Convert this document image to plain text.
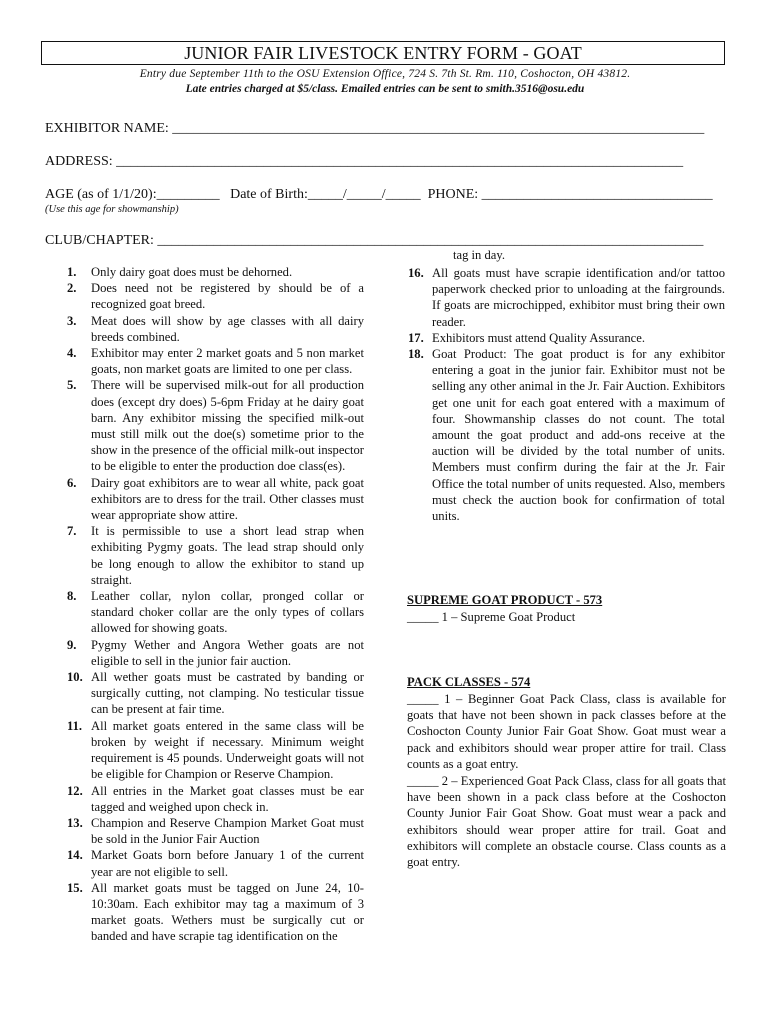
JUNIOR FAIR LIVESTOCK ENTRY FORM - GOAT
Entry due September 11th to the OSU Extension Office, 724 S. 7th St. Rm. 110, Coshocton, OH 43812.
Late entries charged at $5/class. Emailed entries can be sent to smith.3516@osu.edu
EXHIBITOR NAME: ____________________________________________________________________________
ADDRESS: _________________________________________________________________________________
AGE (as of 1/1/20):_________   Date of Birth:_____/_____/_____  PHONE: _________________________________
(Use this age for showmanship)
CLUB/CHAPTER: ______________________________________________________________________________
1. Only dairy goat does must be dehorned.
2. Does need not be registered by should be of a recognized goat breed.
3. Meat does will show by age classes with all dairy breeds combined.
4. Exhibitor may enter 2 market goats and 5 non market goats, non market goats are limited to one per class.
5. There will be supervised milk-out for all production does (except dry does) 5-6pm Friday at he dairy goat barn. Any exhibitor missing the specified milk-out must still milk out the doe(s) sometime prior to the show in the presence of the official milk-out inspector to be eligible to enter the production doe class(es).
6. Dairy goat exhibitors are to wear all white, pack goat exhibitors are to dress for the trail. Other classes must wear appropriate show attire.
7. It is permissible to use a short lead strap when exhibiting Pygmy goats. The lead strap should only be long enough to allow the exhibitor to stand up straight.
8. Leather collar, nylon collar, pronged collar or standard choker collar are the only types of collars allowed for showing goats.
9. Pygmy Wether and Angora Wether goats are not eligible to sell in the junior fair auction.
10. All wether goats must be castrated by banding or surgically cutting, not clamping. No testicular tissue can be present at fair time.
11. All market goats entered in the same class will be broken by weight if necessary. Minimum weight requirement is 45 pounds. Underweight goats will not be eligible for Champion or Reserve Champion.
12. All entries in the Market goat classes must be ear tagged and weighed upon check in.
13. Champion and Reserve Champion Market Goat must be sold in the Junior Fair Auction
14. Market Goats born before January 1 of the current year are not eligible to sell.
15. All market goats must be tagged on June 24, 10-10:30am. Each exhibitor may tag a maximum of 3 market goats. Wethers must be surgically cut or banded and have scrapie tag identification on the
tag in day.
16. All goats must have scrapie identification and/or tattoo paperwork checked prior to unloading at the fairgrounds. If goats are microchipped, exhibitor must bring their own reader.
17. Exhibitors must attend Quality Assurance.
18. Goat Product: The goat product is for any exhibitor entering a goat in the junior fair. Exhibitor must not be selling any other animal in the Jr. Fair Auction. Exhibitors get one unit for each goat entered with a maximum of four. Showmanship classes do not count. The total amount the goat product and add-ons receive at the auction will be divided by the total number of units. Members must confirm during the fair at the Jr. Fair Office the total number of units requested. Also, members must check the auction book for confirmation of total units.
SUPREME GOAT PRODUCT - 573
_____ 1 – Supreme Goat Product
PACK CLASSES - 574
_____ 1 – Beginner Goat Pack Class, class is available for goats that have not been shown in pack classes before at the Coshocton County Junior Fair Goat Show. Goat must wear a pack and exhibitors should wear proper attire for trail. Class counts as a goat entry.
_____ 2 – Experienced Goat Pack Class, class for all goats that have been shown in a pack class before at the Coshocton County Junior Fair Goat Show. Goat must wear a pack and exhibitors should wear proper attire for trail. Goat and exhibitors will complete an obstacle course. Class counts as a goat entry.
